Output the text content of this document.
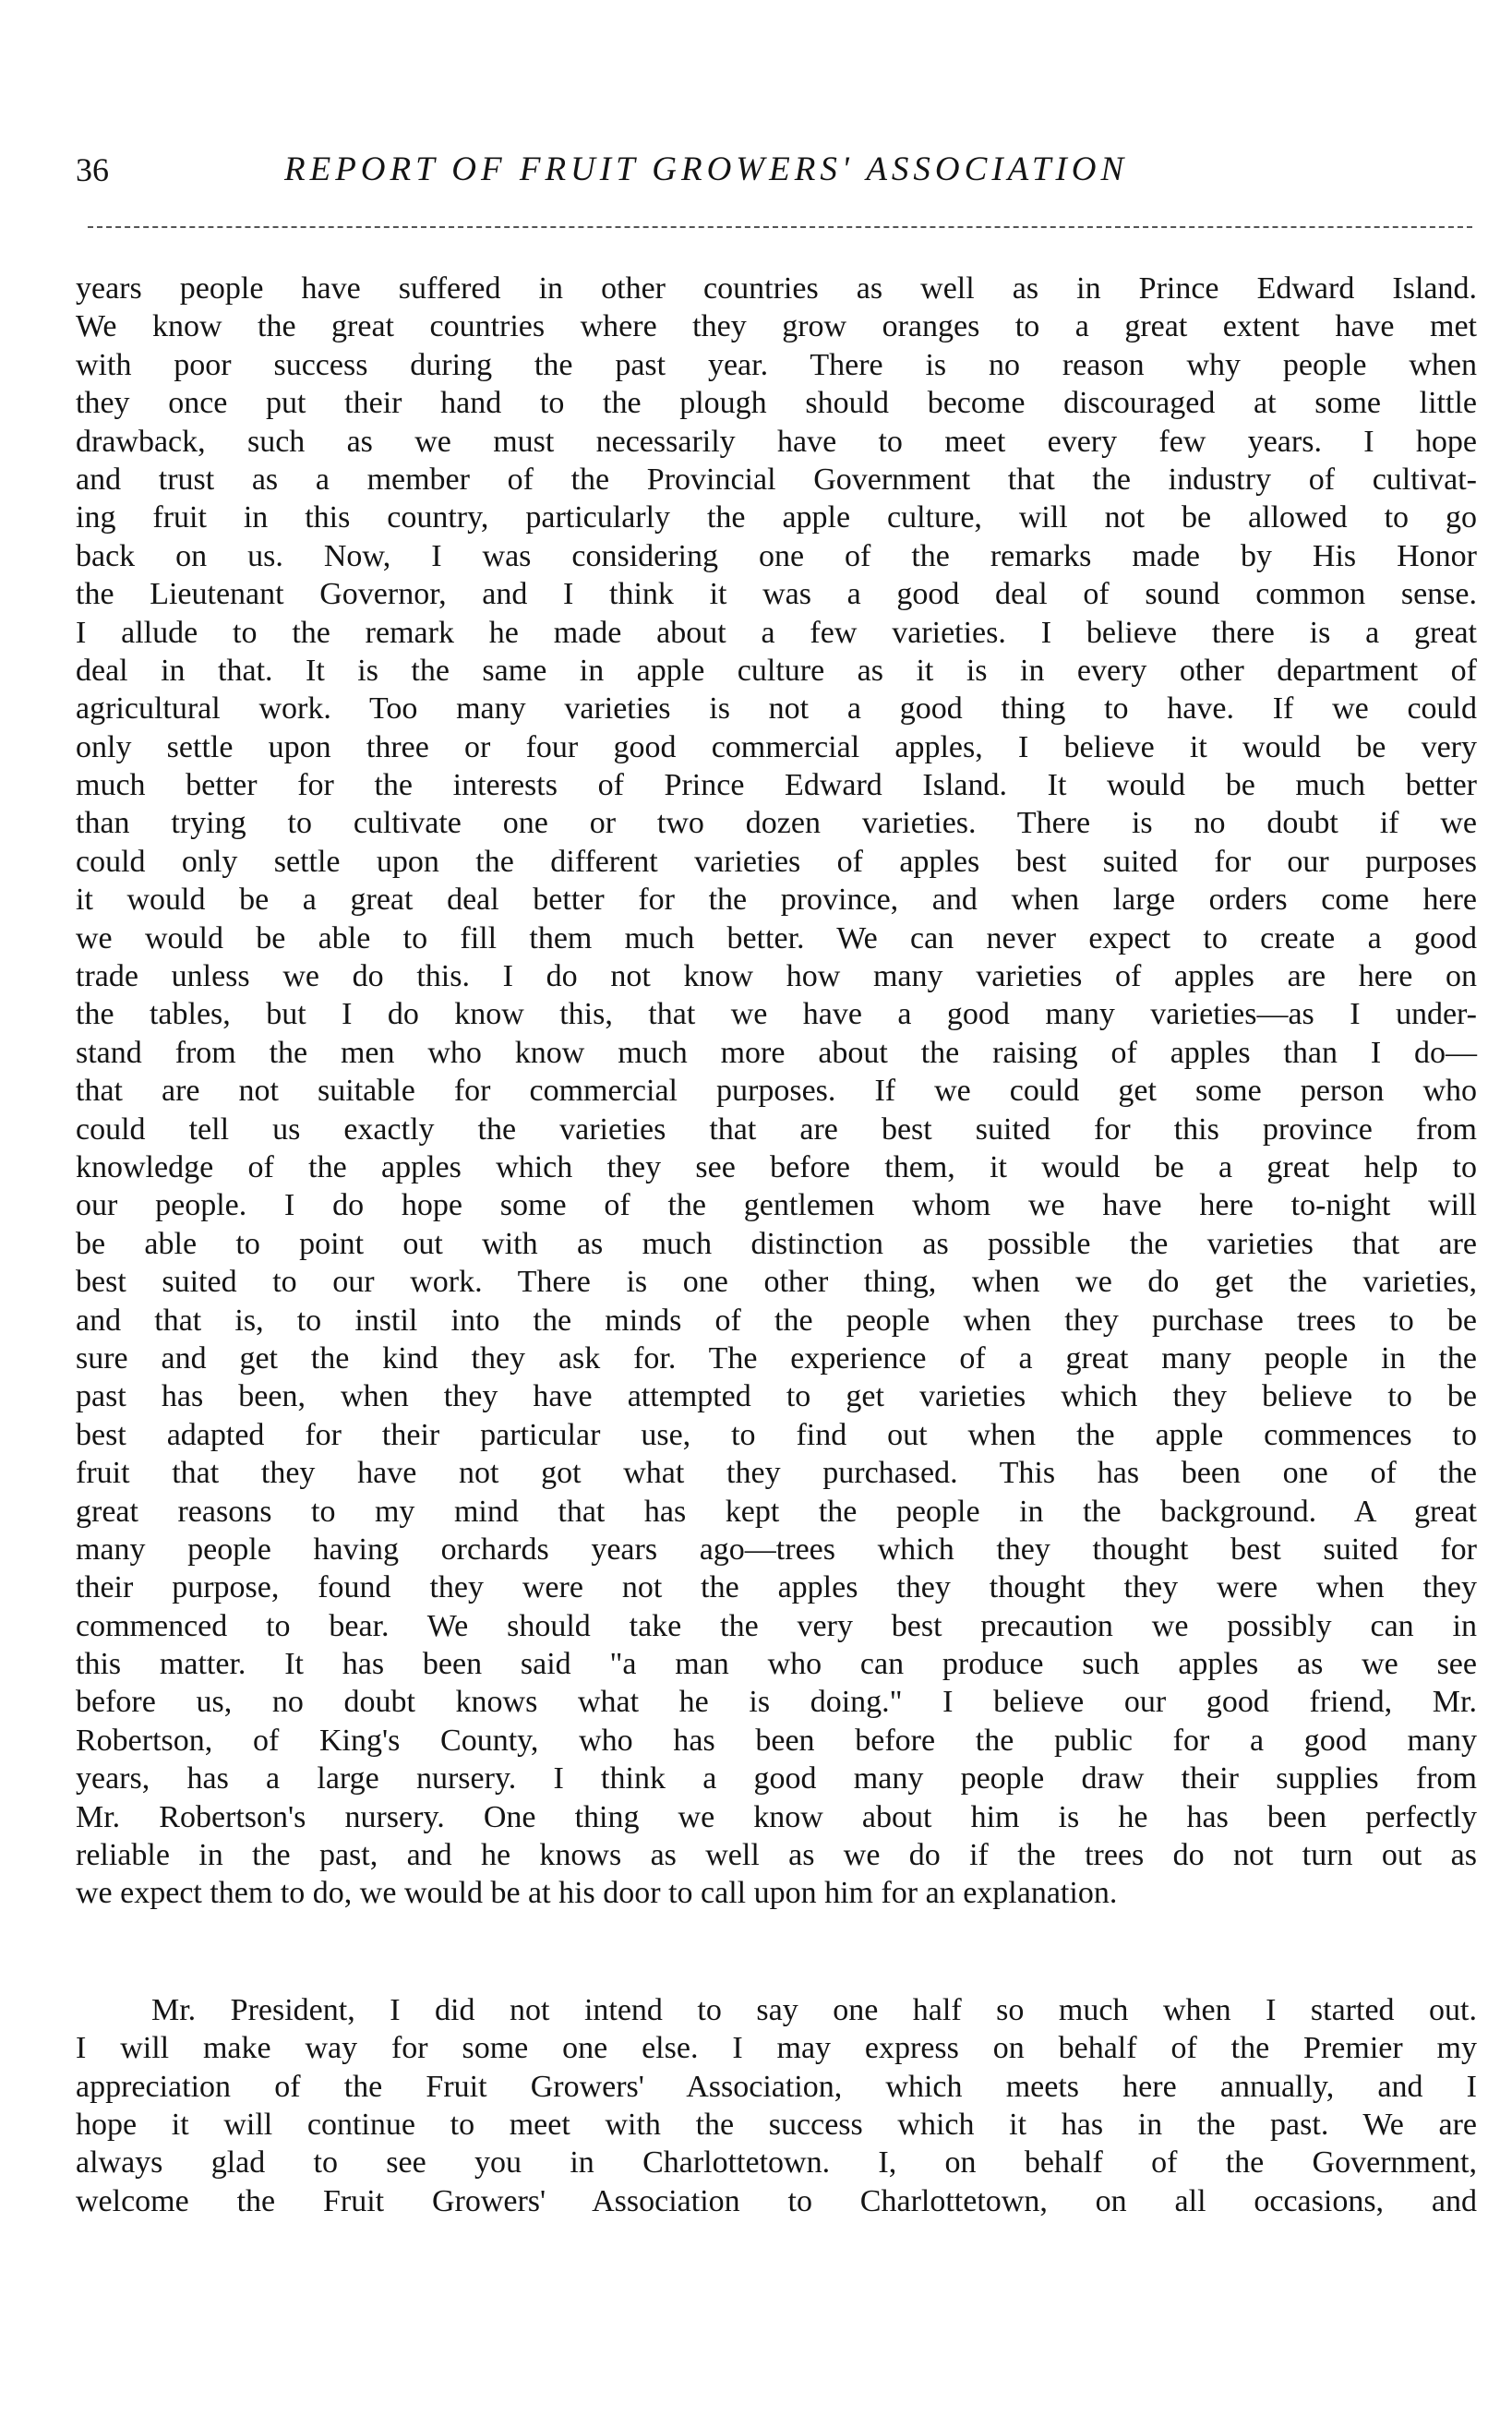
36	REPORT OF FRUIT GROWERS' ASSOCIATION
years people have suffered in other countries as well as in Prince Edward Island.
We know the great countries where they grow oranges to a great extent have met
with poor success during the past year. There is no reason why people when
they once put their hand to the plough should become discouraged at some little
drawback, such as we must necessarily have to meet every few years. I hope
and trust as a member of the Provincial Government that the industry of cultivat-
ing fruit in this country, particularly the apple culture, will not be allowed to go
back on us. Now, I was considering one of the remarks made by His Honor
the Lieutenant Governor, and I think it was a good deal of sound common sense.
I allude to the remark he made about a few varieties. I believe there is a great
deal in that. It is the same in apple culture as it is in every other department of
agricultural work. Too many varieties is not a good thing to have. If we could
only settle upon three or four good commercial apples, I believe it would be very
much better for the interests of Prince Edward Island. It would be much better
than trying to cultivate one or two dozen varieties. There is no doubt if we
could only settle upon the different varieties of apples best suited for our purposes
it would be a great deal better for the province, and when large orders come here
we would be able to fill them much better. We can never expect to create a good
trade unless we do this. I do not know how many varieties of apples are here on
the tables, but I do know this, that we have a good many varieties—as I under-
stand from the men who know much more about the raising of apples than I do—
that are not suitable for commercial purposes. If we could get some person who
could tell us exactly the varieties that are best suited for this province from
knowledge of the apples which they see before them, it would be a great help to
our people. I do hope some of the gentlemen whom we have here to-night will
be able to point out with as much distinction as possible the varieties that are
best suited to our work. There is one other thing, when we do get the varieties,
and that is, to instil into the minds of the people when they purchase trees to be
sure and get the kind they ask for. The experience of a great many people in the
past has been, when they have attempted to get varieties which they believe to be
best adapted for their particular use, to find out when the apple commences to
fruit that they have not got what they purchased. This has been one of the
great reasons to my mind that has kept the people in the background. A great
many people having orchards years ago—trees which they thought best suited for
their purpose, found they were not the apples they thought they were when they
commenced to bear. We should take the very best precaution we possibly can in
this matter. It has been said "a man who can produce such apples as we see
before us, no doubt knows what he is doing." I believe our good friend, Mr.
Robertson, of King's County, who has been before the public for a good many
years, has a large nursery. I think a good many people draw their supplies from
Mr. Robertson's nursery. One thing we know about him is he has been perfectly
reliable in the past, and he knows as well as we do if the trees do not turn out as
we expect them to do, we would be at his door to call upon him for an explanation.
Mr. President, I did not intend to say one half so much when I started out.
I will make way for some one else. I may express on behalf of the Premier my
appreciation of the Fruit Growers' Association, which meets here annually, and I
hope it will continue to meet with the success which it has in the past. We are
always glad to see you in Charlottetown. I, on behalf of the Government,
welcome the Fruit Growers' Association to Charlottetown, on all occasions, and
